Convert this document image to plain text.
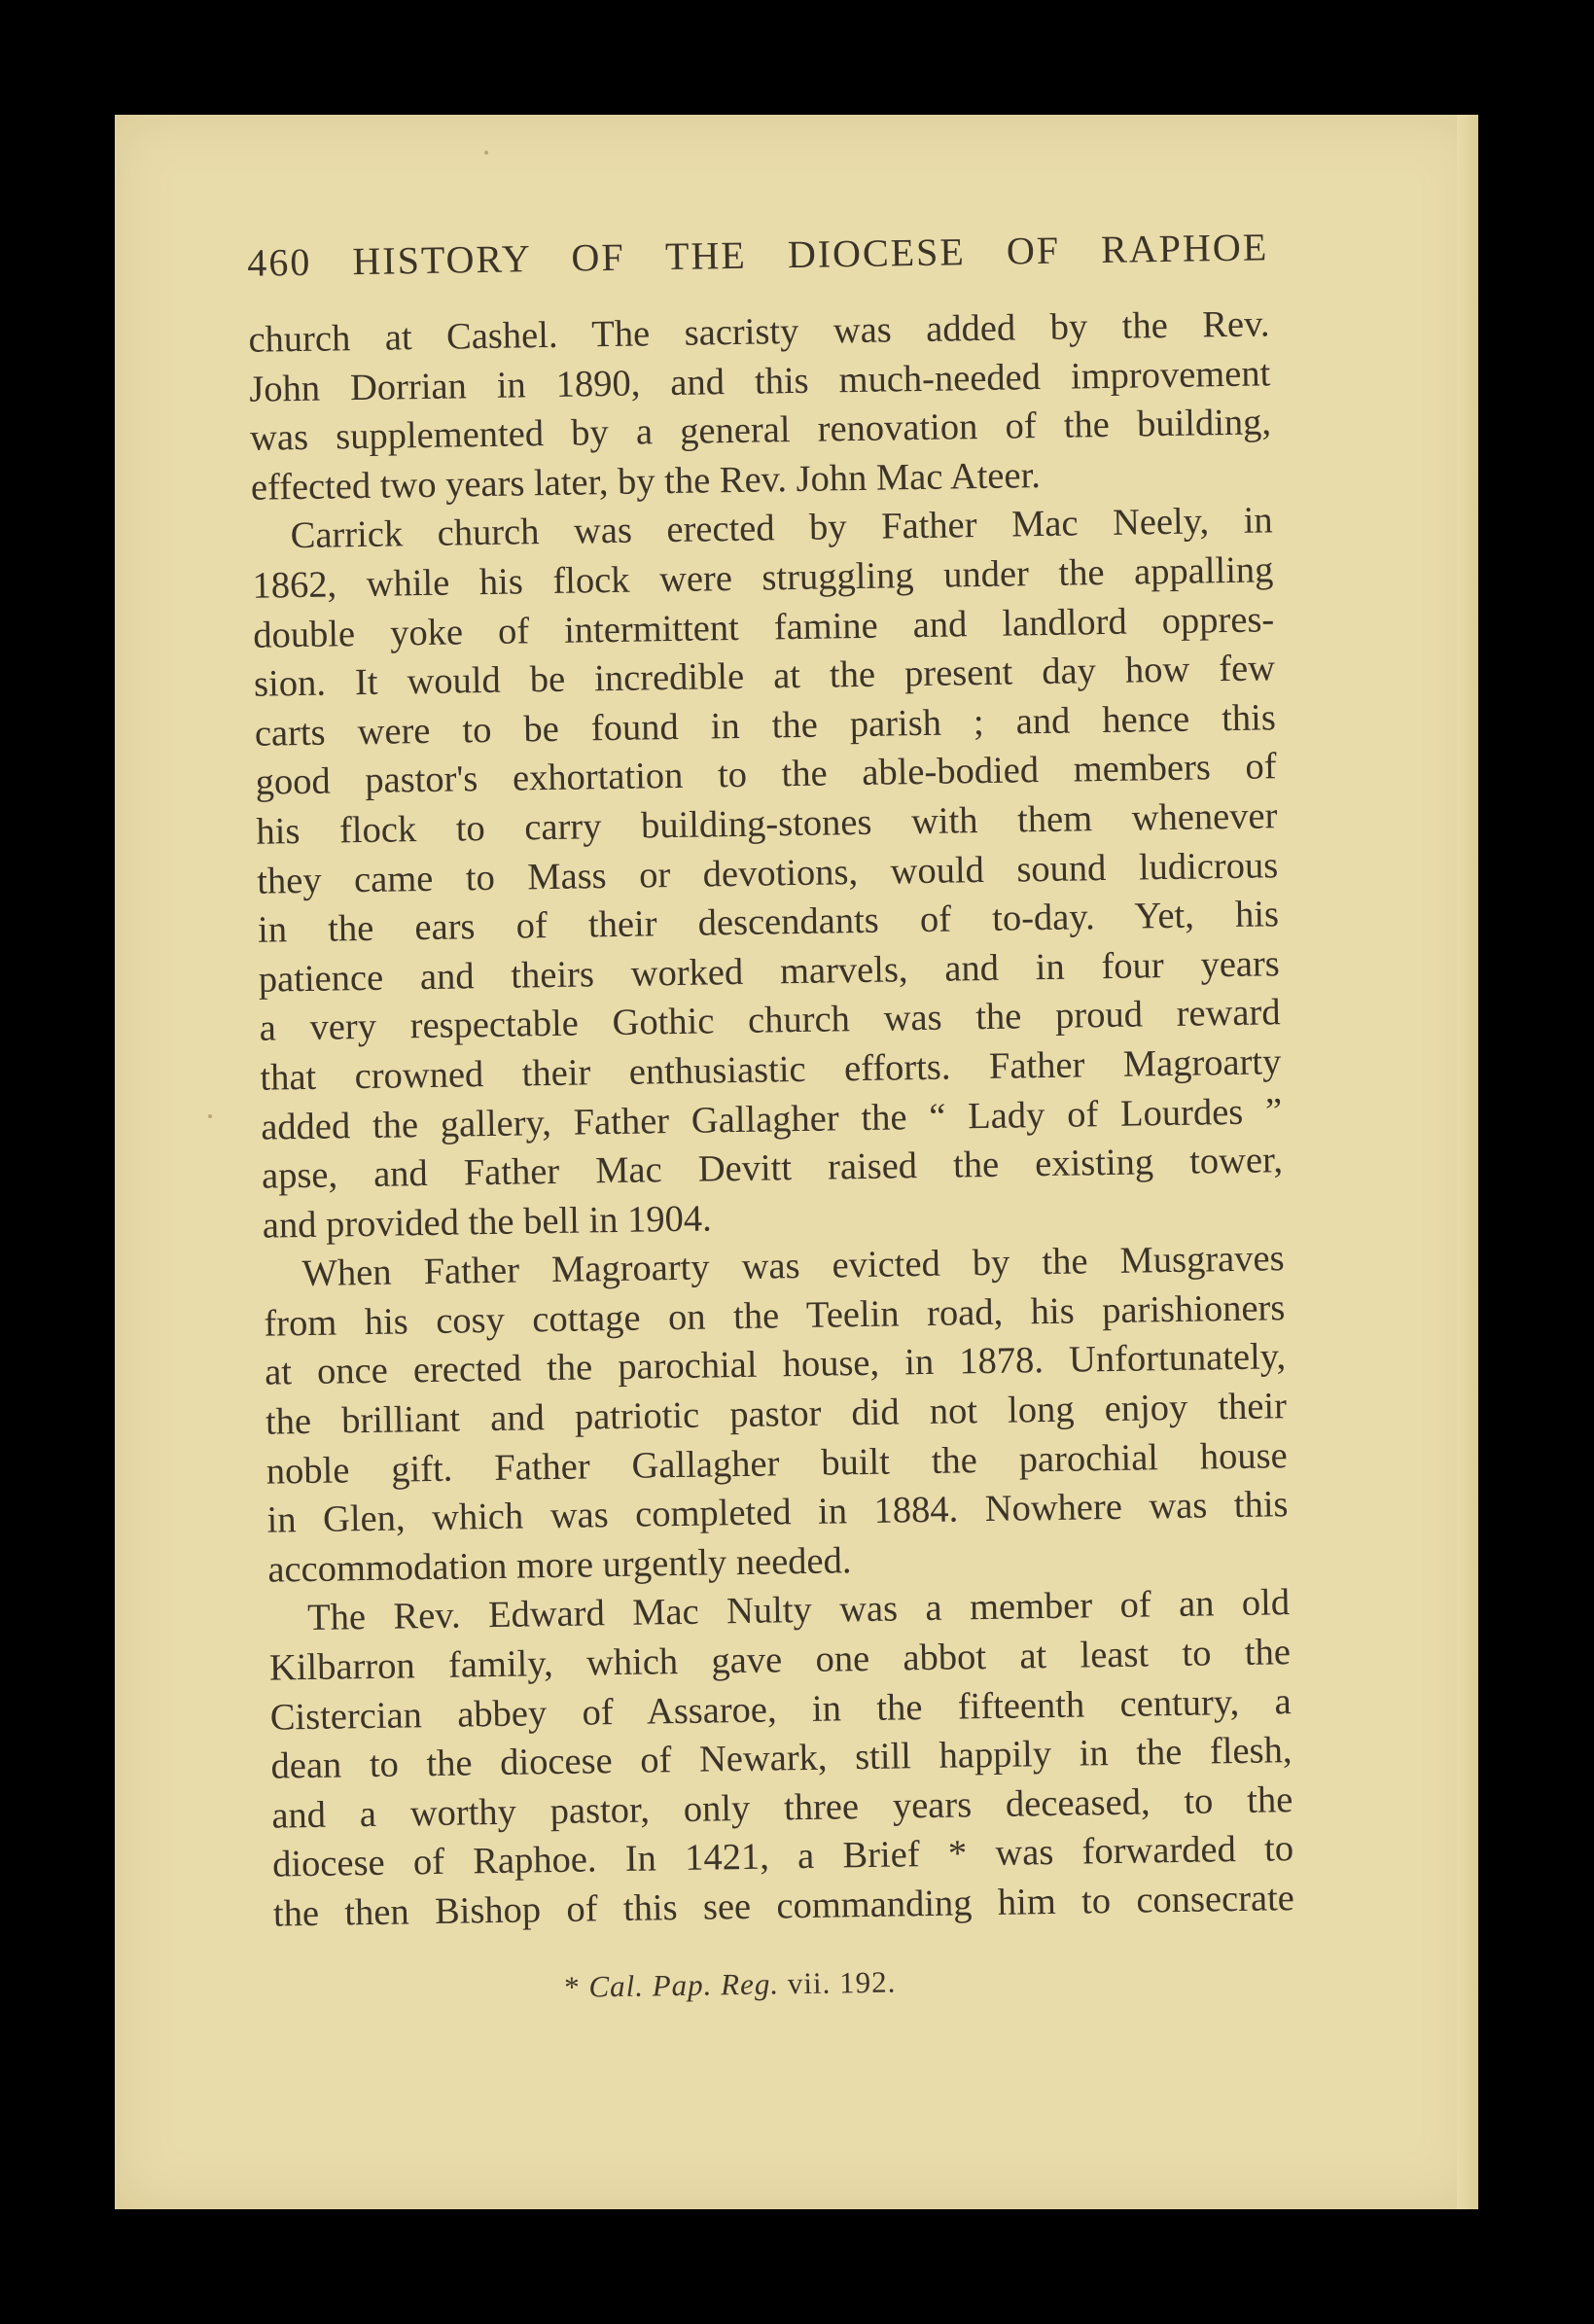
460 HISTORY OF THE DIOCESE OF RAPHOE
church at Cashel. The sacristy was added by the Rev.
John Dorrian in 1890, and this much-needed improvement
was supplemented by a general renovation of the building,
effected two years later, by the Rev. John Mac Ateer.
Carrick church was erected by Father Mac Neely, in
1862, while his flock were struggling under the appalling
double yoke of intermittent famine and landlord oppres-
sion. It would be incredible at the present day how few
carts were to be found in the parish ; and hence this
good pastor's exhortation to the able-bodied members of
his flock to carry building-stones with them whenever
they came to Mass or devotions, would sound ludicrous
in the ears of their descendants of to-day. Yet, his
patience and theirs worked marvels, and in four years
a very respectable Gothic church was the proud reward
that crowned their enthusiastic efforts. Father Magroarty
added the gallery, Father Gallagher the “ Lady of Lourdes ”
apse, and Father Mac Devitt raised the existing tower,
and provided the bell in 1904.
When Father Magroarty was evicted by the Musgraves
from his cosy cottage on the Teelin road, his parishioners
at once erected the parochial house, in 1878. Unfortunately,
the brilliant and patriotic pastor did not long enjoy their
noble gift. Father Gallagher built the parochial house
in Glen, which was completed in 1884. Nowhere was this
accommodation more urgently needed.
The Rev. Edward Mac Nulty was a member of an old
Kilbarron family, which gave one abbot at least to the
Cistercian abbey of Assaroe, in the fifteenth century, a
dean to the diocese of Newark, still happily in the flesh,
and a worthy pastor, only three years deceased, to the
diocese of Raphoe. In 1421, a Brief * was forwarded to
the then Bishop of this see commanding him to consecrate
* Cal. Pap. Reg. vii. 192.
